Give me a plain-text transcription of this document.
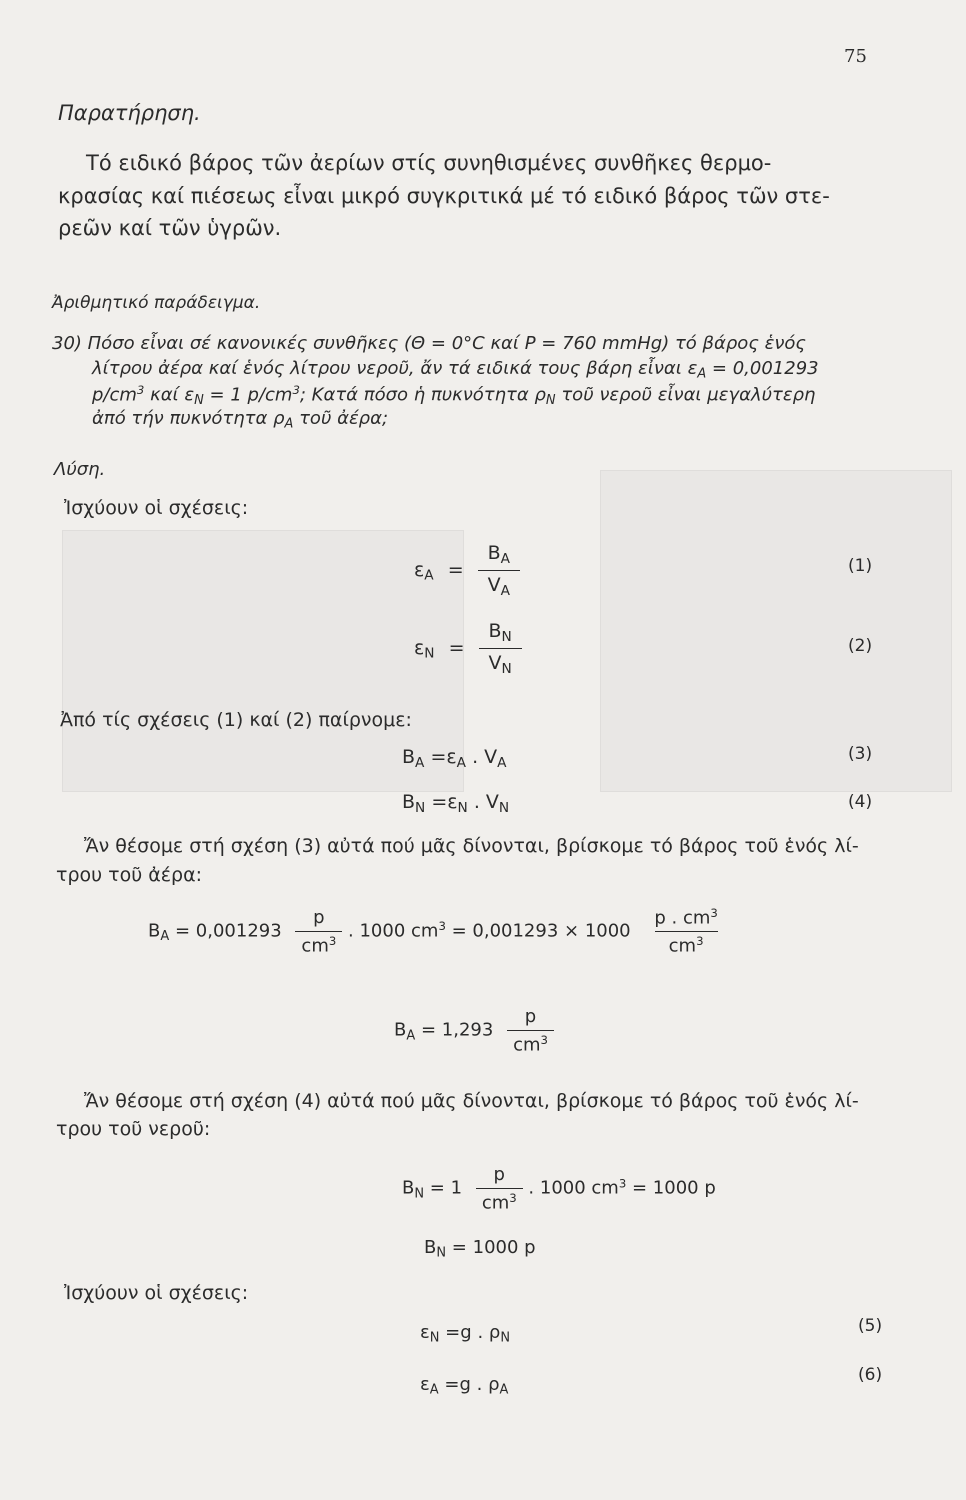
75
Παρατήρηση.
Τό ειδικό βάρος τῶν ἀερίων στίς συνηθισμένες συνθῆκες θερμο-
κρασίας καί πιέσεως εἶναι μικρό συγκριτικά μέ τό ειδικό βάρος τῶν στε-
ρεῶν καί τῶν ὑγρῶν.
Ἀριθμητικό παράδειγμα.
30) Πόσο εἶναι σέ κανονικές συνθῆκες (Θ = 0°C καί P = 760 mmHg) τό βάρος ἑνός
λίτρου ἀέρα καί ἑνός λίτρου νεροῦ, ἄν τά ειδικά τους βάρη εἶναι $\varepsilon_A = 0,001293$
$p/cm^3$ καί $\varepsilon_N = 1$ $p/cm^3$; Κατά πόσο ἡ πυκνότητα $\rho_N$ τοῦ νεροῦ εἶναι μεγαλύτερη
ἀπό τήν πυκνότητα $\rho_A$ τοῦ ἀέρα;
Λύση.
Ἰσχύουν οἱ σχέσεις:
$\varepsilon_A = \frac{B_A}{V_A}$	(1)
$\varepsilon_N = \frac{B_N}{V_N}$	(2)
Ἀπό τίς σχέσεις (1) καί (2) παίρνομε:
$B_A =\varepsilon_A$ . $V_A$	(3)
$B_N =\varepsilon_N$ . $V_N$	(4)
Ἄν θέσομε στή σχέση (3) αὐτά πού μᾶς δίνονται, βρίσκομε τό βάρος τοῦ ἑνός λί-
τρου τοῦ ἀέρα:
$B_A = 0,001293 \frac{p}{cm^3}$ . 1000 $cm^3 = 0,001293 \times 1000 \frac{p . cm^3}{cm^3}$
$B_A = 1,293 \frac{p}{cm^3}$
Ἄν θέσομε στή σχέση (4) αὐτά πού μᾶς δίνονται, βρίσκομε τό βάρος τοῦ ἑνός λί-
τρου τοῦ νεροῦ:
$B_N = 1 \frac{p}{cm^3}$ . 1000 $cm^3 = 1000$ p
$B_N = 1000$ p
Ἰσχύουν οἱ σχέσεις:
$\varepsilon_N =g$ . $\rho_N$
(5)
$\varepsilon_A =g$ . $\rho_A$
(6)
